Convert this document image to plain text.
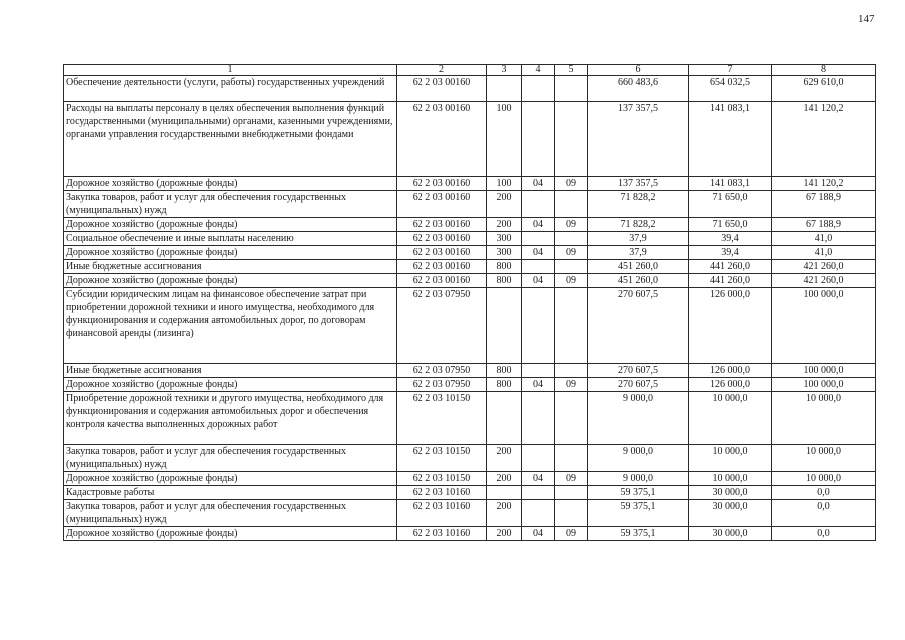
147
1	2	3	4	5	6	7	8
Обеспечение деятельности (услуги, работы) государственных учреждений	62 2 03 00160				660 483,6	654 032,5	629 610,0
Расходы на выплаты персоналу в целях обеспечения выполнения функций государственными (муниципальными) органами, казенными учреждениями, органами управления государственными внебюджетными фондами	62 2 03 00160	100			137 357,5	141 083,1	141 120,2
Дорожное хозяйство (дорожные фонды)	62 2 03 00160	100	04	09	137 357,5	141 083,1	141 120,2
Закупка товаров, работ и услуг для обеспечения государственных (муниципальных) нужд	62 2 03 00160	200			71 828,2	71 650,0	67 188,9
Дорожное хозяйство (дорожные фонды)	62 2 03 00160	200	04	09	71 828,2	71 650,0	67 188,9
Социальное обеспечение и иные выплаты населению	62 2 03 00160	300			37,9	39,4	41,0
Дорожное хозяйство (дорожные фонды)	62 2 03 00160	300	04	09	37,9	39,4	41,0
Иные бюджетные ассигнования	62 2 03 00160	800			451 260,0	441 260,0	421 260,0
Дорожное хозяйство (дорожные фонды)	62 2 03 00160	800	04	09	451 260,0	441 260,0	421 260,0
Субсидии юридическим лицам на финансовое обеспечение затрат при приобретении дорожной техники и иного имущества, необходимого для функционирования и содержания автомобильных дорог, по договорам финансовой аренды (лизинга)	62 2 03 07950				270 607,5	126 000,0	100 000,0
Иные бюджетные ассигнования	62 2 03 07950	800			270 607,5	126 000,0	100 000,0
Дорожное хозяйство (дорожные фонды)	62 2 03 07950	800	04	09	270 607,5	126 000,0	100 000,0
Приобретение дорожной техники и другого имущества, необходимого для функционирования и содержания автомобильных дорог и обеспечения контроля качества выполненных дорожных работ	62 2 03 10150				9 000,0	10 000,0	10 000,0
Закупка товаров, работ и услуг для обеспечения государственных (муниципальных) нужд	62 2 03 10150	200			9 000,0	10 000,0	10 000,0
Дорожное хозяйство (дорожные фонды)	62 2 03 10150	200	04	09	9 000,0	10 000,0	10 000,0
Кадастровые работы	62 2 03 10160				59 375,1	30 000,0	0,0
Закупка товаров, работ и услуг для обеспечения государственных (муниципальных) нужд	62 2 03 10160	200			59 375,1	30 000,0	0,0
Дорожное хозяйство (дорожные фонды)	62 2 03 10160	200	04	09	59 375,1	30 000,0	0,0
